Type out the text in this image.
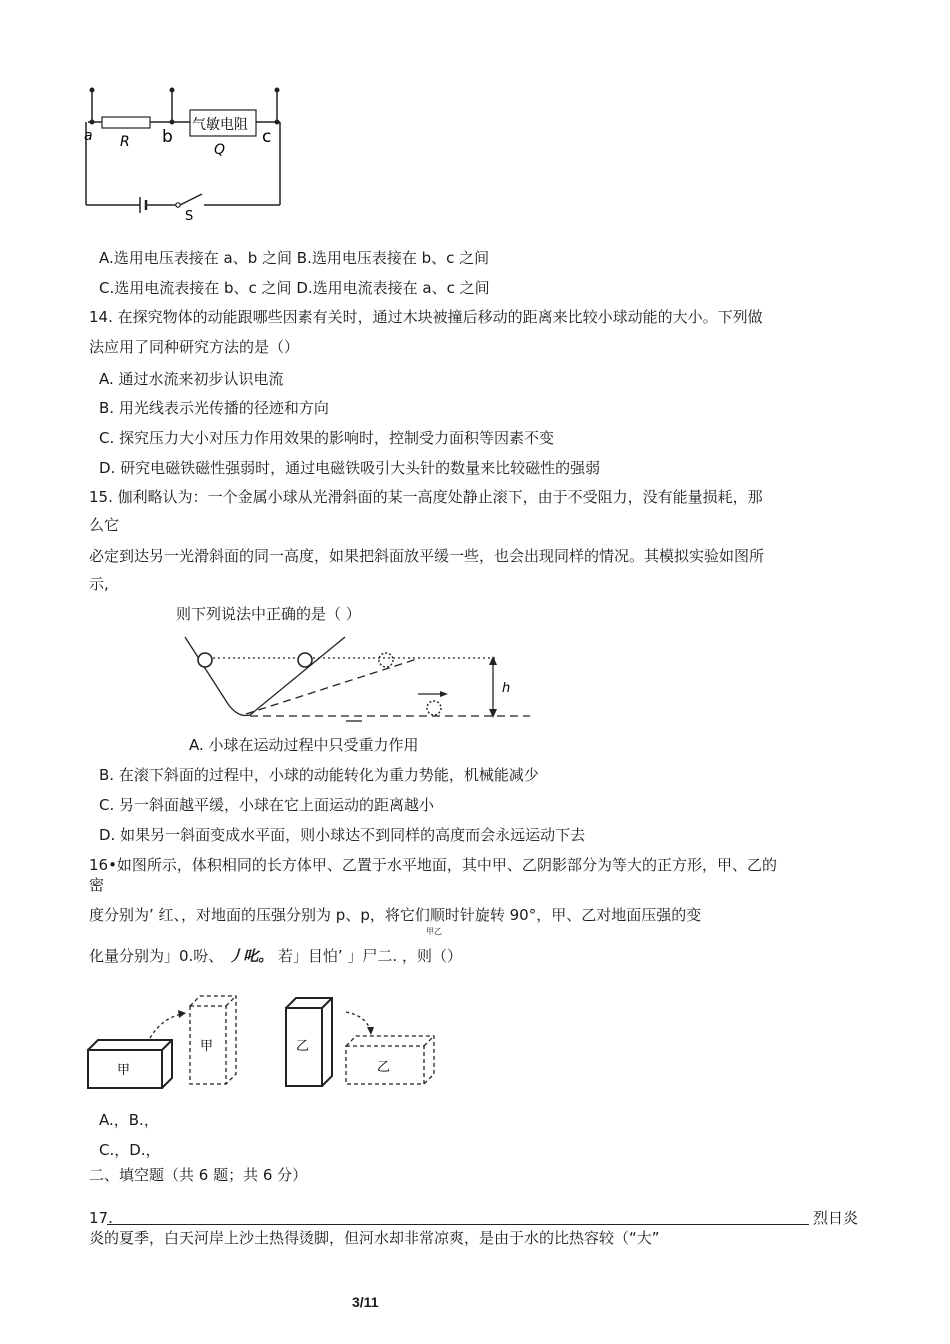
a R b
气敏电阻
Q
c
S
A.选用电压表接在 a、b 之间 B.选用电压表接在 b、c 之间
C.选用电流表接在 b、c 之间 D.选用电流表接在 a、c 之间
14. 在探究物体的动能跟哪些因素有关时，通过木块被撞后移动的距离来比较小球动能的大小。下列做
法应用了同种研究方法的是（）
A. 通过水流来初步认识电流
B. 用光线表示光传播的径迹和方向
C. 探究压力大小对压力作用效果的影响时，控制受力面积等因素不变
D. 研究电磁铁磁性强弱时，通过电磁铁吸引大头针的数量来比较磁性的强弱
15. 伽利略认为：一个金属小球从光滑斜面的某一高度处静止滚下，由于不受阻力，没有能量损耗，那
么它
必定到达另一光滑斜面的同一高度，如果把斜面放平缓一些，也会出现同样的情况。其模拟实验如图所
示,
则下列说法中正确的是（ ）
h
A. 小球在运动过程中只受重力作用
B. 在滚下斜面的过程中，小球的动能转化为重力势能，机械能减少
C. 另一斜面越平缓，小球在它上面运动的距离越小
D. 如果另一斜面变成水平面，则小球达不到同样的高度而会永远运动下去
16•如图所示，体积相同的长方体甲、乙置于水平地面，其中甲、乙阴影部分为等大的正方形，甲、乙的
密
度分别为’ 红、，对地面的压强分别为 p、p，将它们顺时针旋转 90°，甲、乙对地面压强的变
甲乙
化量分别为」0.吩、 丿叱。 若」目怕’ 」尸二. ，则（）
甲
甲	乙
乙
A.，B.，
C.，D.，
二、填空题（共 6 题；共 6 分）
17.	烈日炎
炎的夏季，白天河岸上沙土热得烫脚，但河水却非常凉爽，是由于水的比热容较（“大”
3/11
